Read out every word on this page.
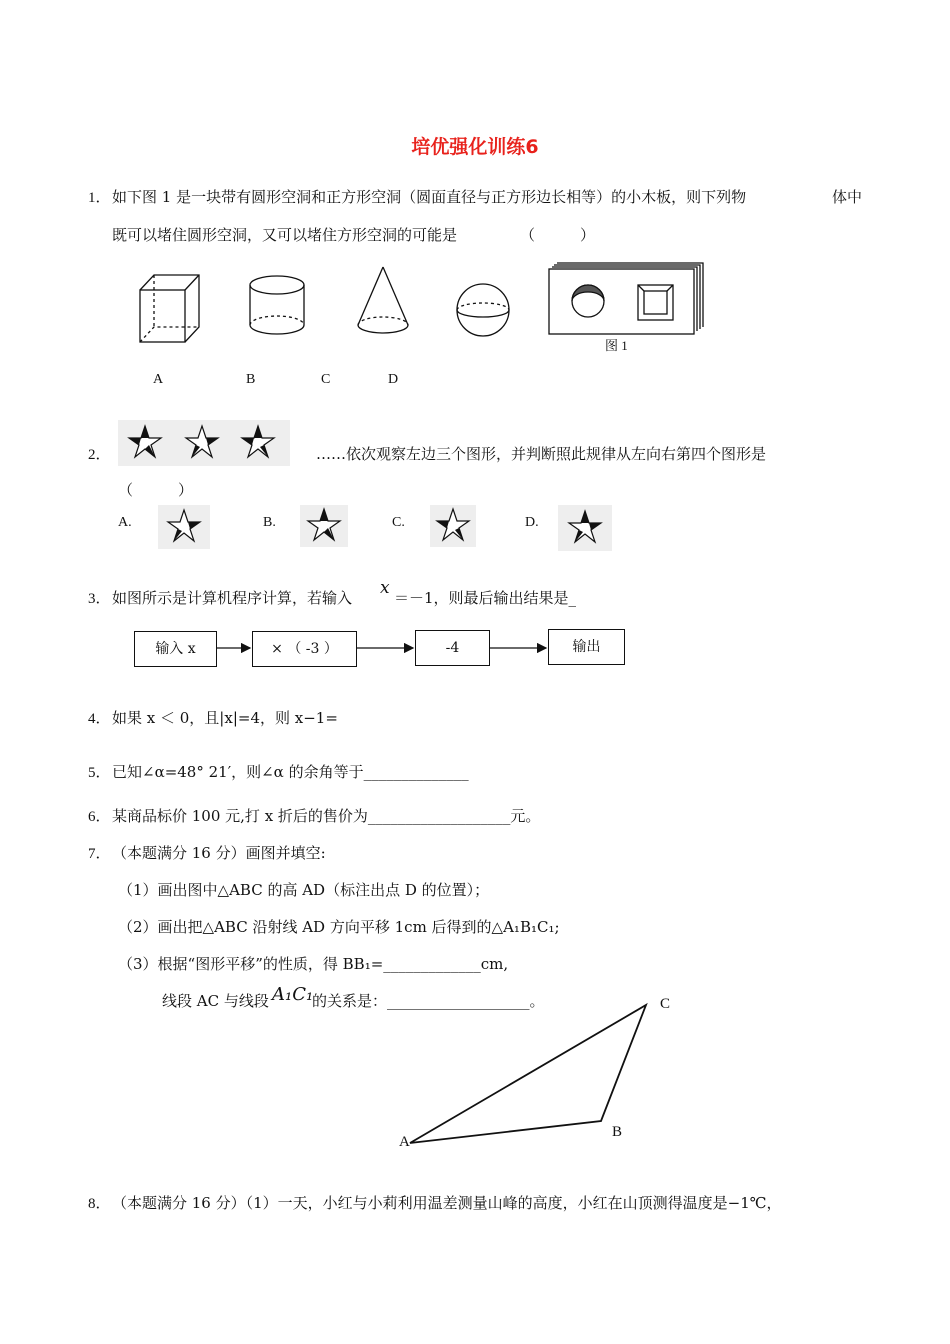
培优强化训练6
1． 如下图 1 是一块带有圆形空洞和正方形空洞（圆面直径与正方形边长相等）的小木板，则下列物	体中
既可以堵住圆形空洞，又可以堵住方形空洞的可能是	（　　　）
图 1
A	B	C	D
2．	……依次观察左边三个图形，并判断照此规律从左向右第四个图形是
（　　　）
A.	B.	C.	D.
3． 如图所示是计算机程序计算，若输入 x ＝－1，则最后输出结果是_
输入 x	× （ -3 ）	-4	输出
4． 如果 x ＜ 0，且|x|=4，则 x−1=
5． 已知∠α=48° 21′，则∠α 的余角等于______________
6． 某商品标价 100 元,打 x 折后的售价为___________________元。
7． （本题满分 16 分）画图并填空:
（1）画出图中△ABC 的高 AD（标注出点 D 的位置）；
（2）画出把△ABC 沿射线 AD 方向平移 1cm 后得到的△A₁B₁C₁;
（3）根据“图形平移”的性质，得 BB₁=_____________cm,
线段 AC 与线段 A₁C₁
的关系是：___________________。
A
B
C
8． （本题满分 16 分）（1）一天，小红与小莉利用温差测量山峰的高度，小红在山顶测得温度是−1℃，
